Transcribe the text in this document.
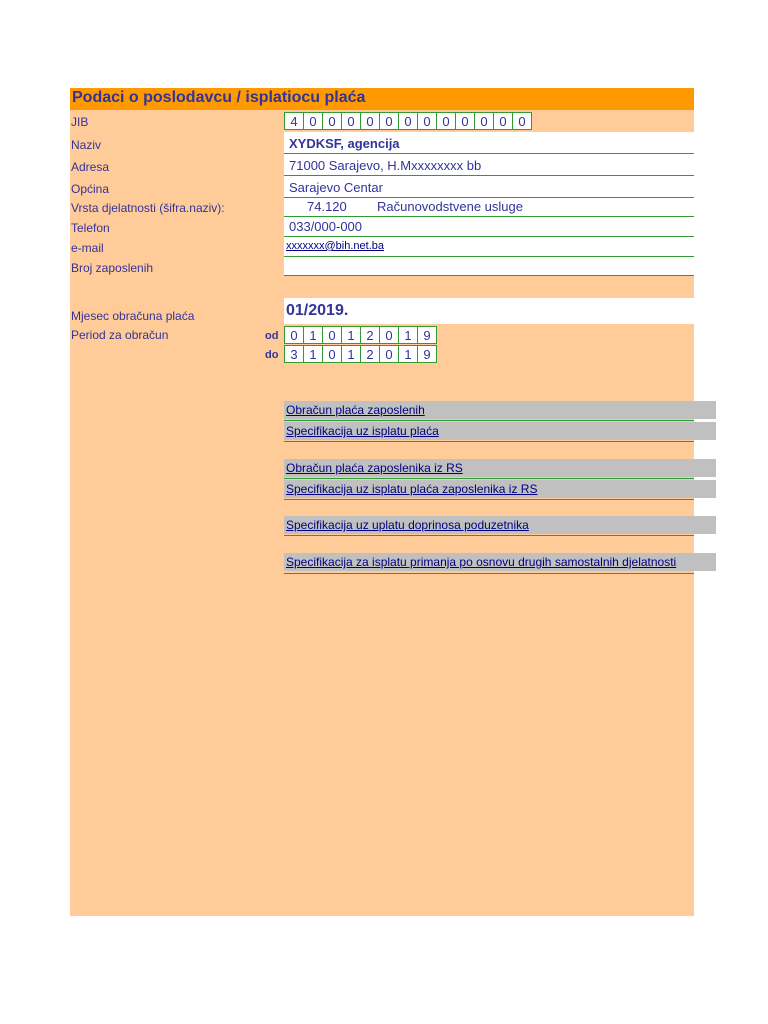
Podaci o poslodavcu / isplatiocu plaća
JIB
Naziv
Adresa
Općina
Vrsta djelatnosti (šifra.naziv):
Telefon
e-mail
Broj zaposlenih
Mjesec obračuna plaća
Period za obračun
4 0 0 0 0 0 0 0 0 0 0 0 0
XYDKSF, agencija
71000 Sarajevo, H.Mxxxxxxxx bb
Sarajevo Centar
74.120 Računovodstvene usluge
033/000-000
xxxxxxx@bih.net.ba
01/2019.
od 0 1 0 1 2 0 1 9
do 3 1 0 1 2 0 1 9
Obračun plaća zaposlenih
Specifikacija uz isplatu plaća
Obračun plaća zaposlenika iz RS
Specifikacija uz isplatu plaća zaposlenika iz RS
Specifikacija uz uplatu doprinosa poduzetnika
Specifikacija za isplatu primanja po osnovu drugih samostalnih djelatnosti
